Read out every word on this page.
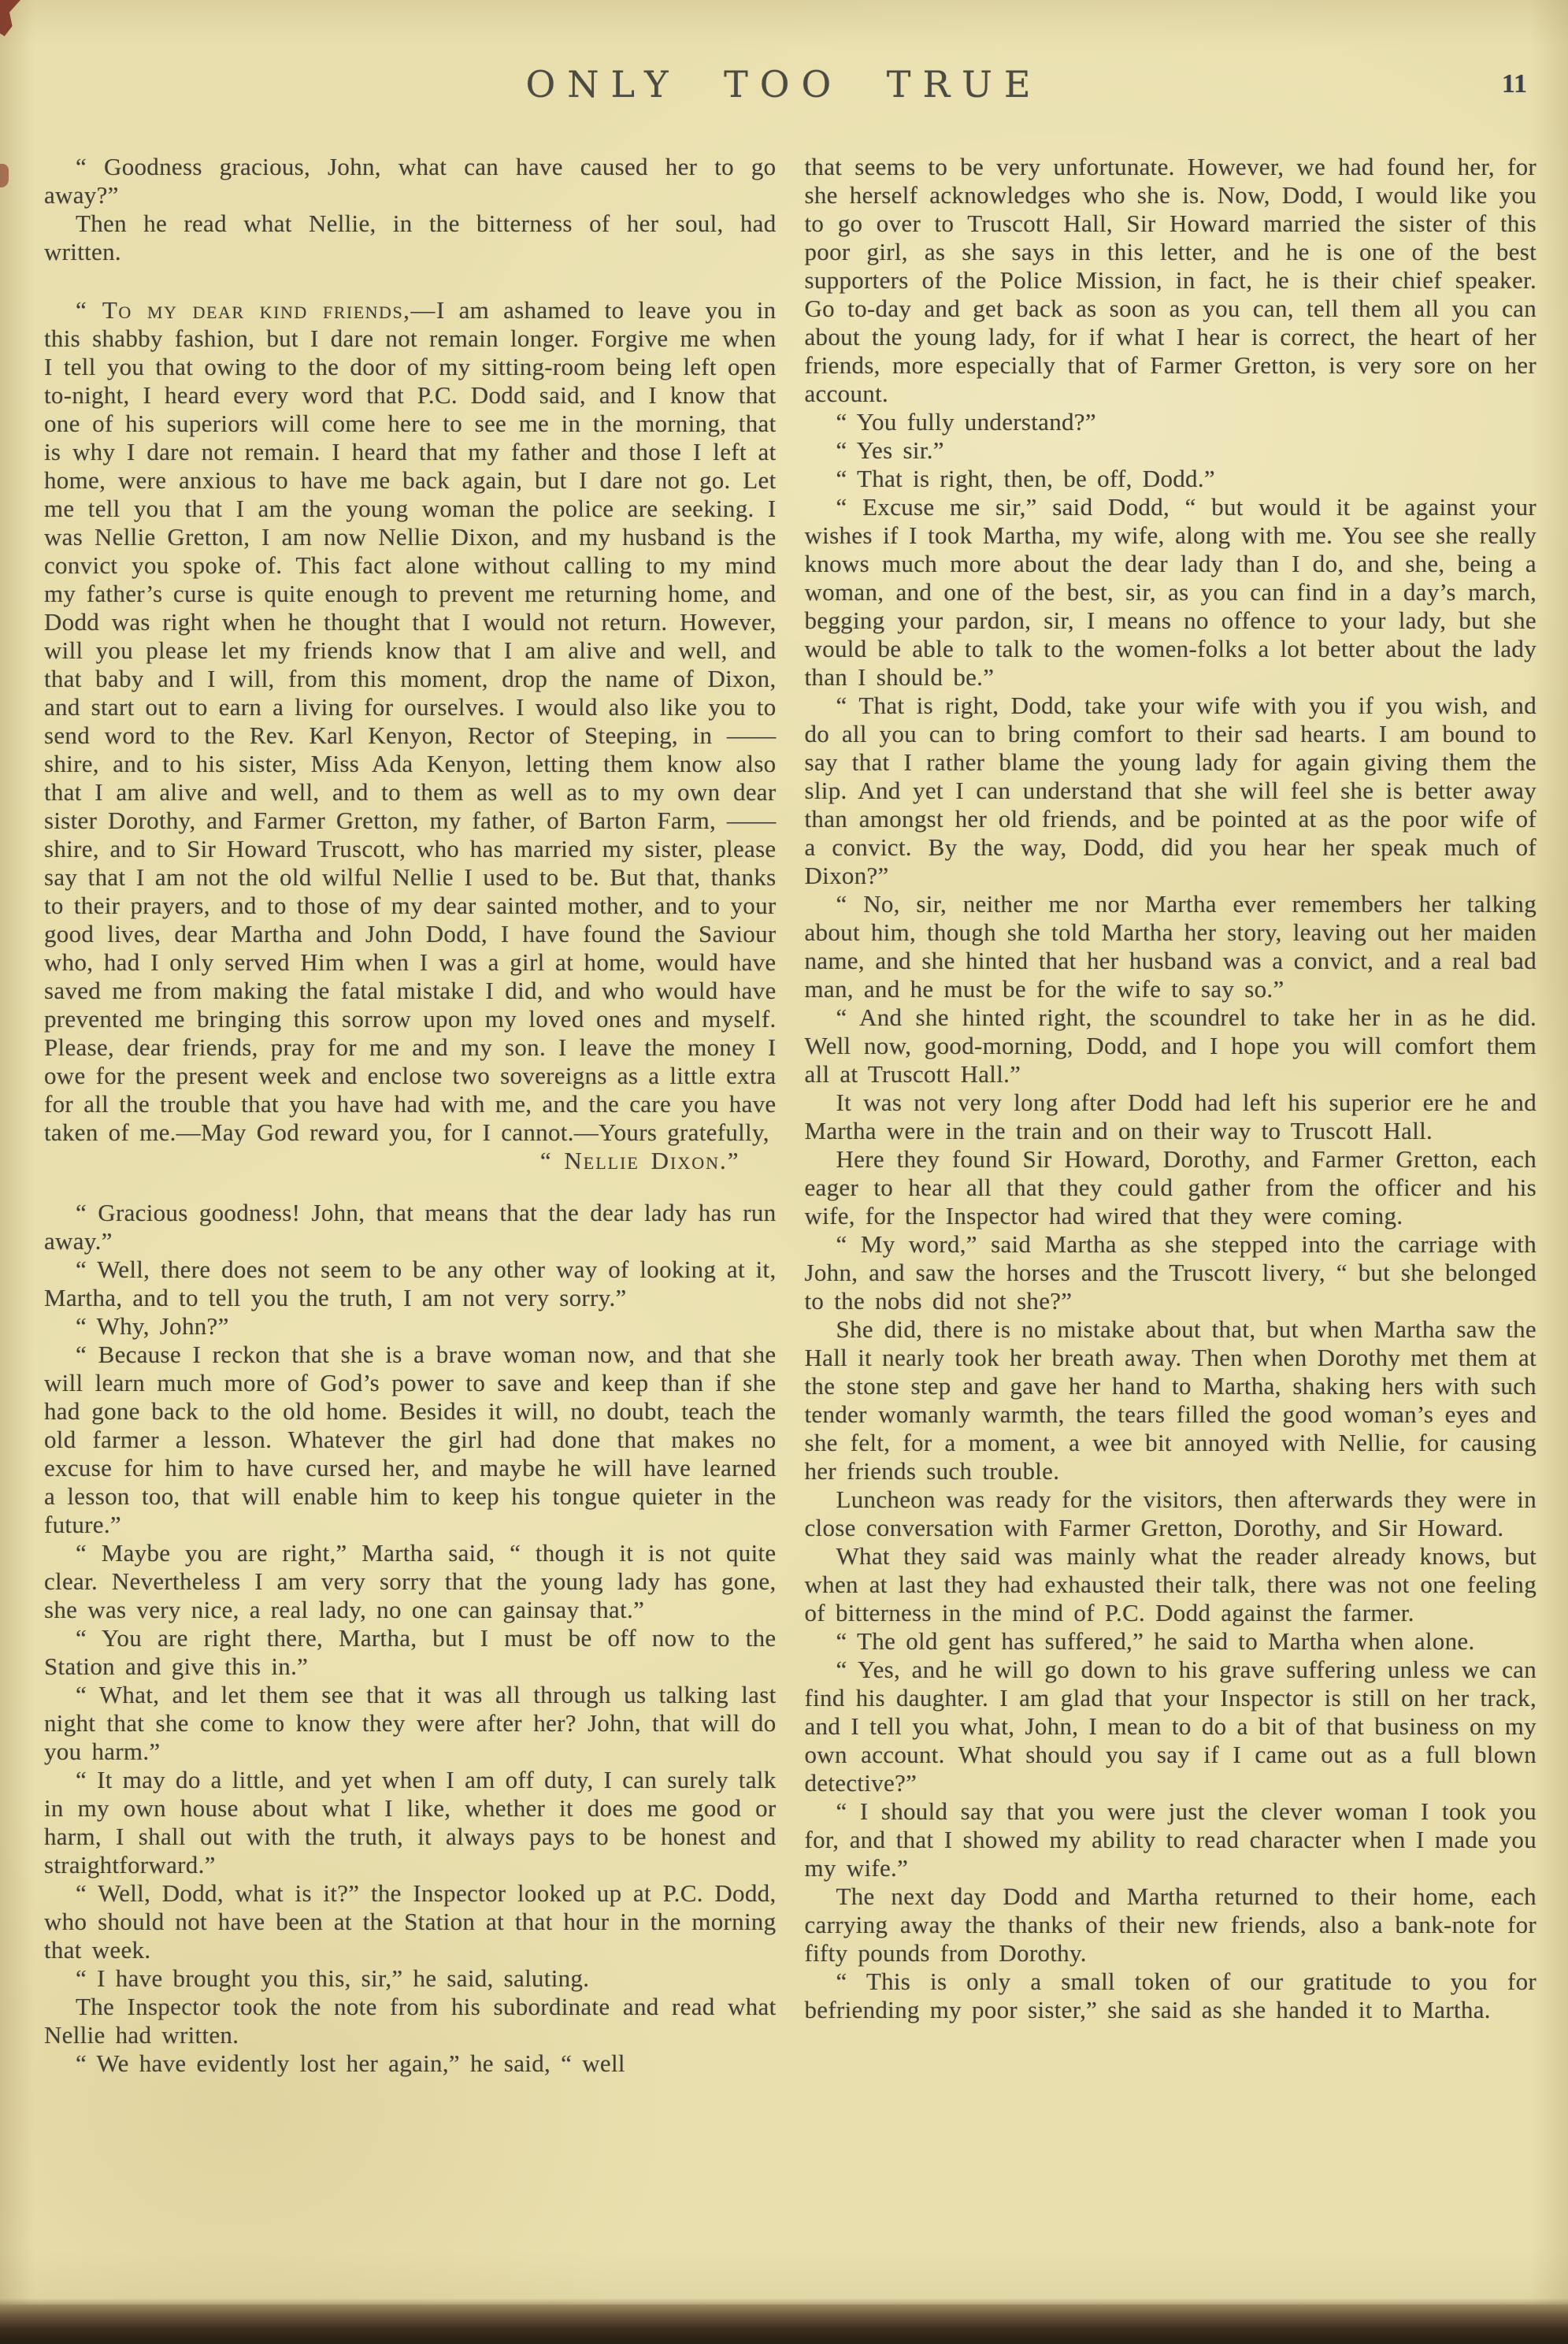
ONLY TOO TRUE	11

“ Goodness gracious, John, what can have caused her to go away?”

Then he read what Nellie, in the bitterness of her soul, had written.

“ To my dear kind friends,—I am ashamed to leave you in this shabby fashion, but I dare not remain longer. Forgive me when I tell you that owing to the door of my sitting-room being left open to-night, I heard every word that P.C. Dodd said, and I know that one of his superiors will come here to see me in the morning, that is why I dare not remain. I heard that my father and those I left at home, were anxious to have me back again, but I dare not go. Let me tell you that I am the young woman the police are seeking. I was Nellie Gretton, I am now Nellie Dixon, and my husband is the convict you spoke of. This fact alone without calling to my mind my father’s curse is quite enough to prevent me returning home, and Dodd was right when he thought that I would not return. However, will you please let my friends know that I am alive and well, and that baby and I will, from this moment, drop the name of Dixon, and start out to earn a living for ourselves. I would also like you to send word to the Rev. Karl Kenyon, Rector of Steeping, in ——shire, and to his sister, Miss Ada Kenyon, letting them know also that I am alive and well, and to them as well as to my own dear sister Dorothy, and Farmer Gretton, my father, of Barton Farm, ——shire, and to Sir Howard Truscott, who has married my sister, please say that I am not the old wilful Nellie I used to be. But that, thanks to their prayers, and to those of my dear sainted mother, and to your good lives, dear Martha and John Dodd, I have found the Saviour who, had I only served Him when I was a girl at home, would have saved me from making the fatal mistake I did, and who would have prevented me bringing this sorrow upon my loved ones and myself. Please, dear friends, pray for me and my son. I leave the money I owe for the present week and enclose two sovereigns as a little extra for all the trouble that you have had with me, and the care you have taken of me.—May God reward you, for I cannot.—Yours gratefully,

“ Nellie Dixon.”

“ Gracious goodness! John, that means that the dear lady has run away.”

“ Well, there does not seem to be any other way of looking at it, Martha, and to tell you the truth, I am not very sorry.”

“ Why, John?”

“ Because I reckon that she is a brave woman now, and that she will learn much more of God’s power to save and keep than if she had gone back to the old home. Besides it will, no doubt, teach the old farmer a lesson. Whatever the girl had done that makes no excuse for him to have cursed her, and maybe he will have learned a lesson too, that will enable him to keep his tongue quieter in the future.”

“ Maybe you are right,” Martha said, “ though it is not quite clear. Nevertheless I am very sorry that the young lady has gone, she was very nice, a real lady, no one can gainsay that.”

“ You are right there, Martha, but I must be off now to the Station and give this in.”

“ What, and let them see that it was all through us talking last night that she come to know they were after her? John, that will do you harm.”

“ It may do a little, and yet when I am off duty, I can surely talk in my own house about what I like, whether it does me good or harm, I shall out with the truth, it always pays to be honest and straightforward.”

“ Well, Dodd, what is it?” the Inspector looked up at P.C. Dodd, who should not have been at the Station at that hour in the morning that week.

“ I have brought you this, sir,” he said, saluting.

The Inspector took the note from his subordinate and read what Nellie had written.

“ We have evidently lost her again,” he said, “ well

that seems to be very unfortunate. However, we had found her, for she herself acknowledges who she is. Now, Dodd, I would like you to go over to Truscott Hall, Sir Howard married the sister of this poor girl, as she says in this letter, and he is one of the best supporters of the Police Mission, in fact, he is their chief speaker. Go to-day and get back as soon as you can, tell them all you can about the young lady, for if what I hear is correct, the heart of her friends, more especially that of Farmer Gretton, is very sore on her account.

“ You fully understand?”

“ Yes sir.”

“ That is right, then, be off, Dodd.”

“ Excuse me sir,” said Dodd, “ but would it be against your wishes if I took Martha, my wife, along with me. You see she really knows much more about the dear lady than I do, and she, being a woman, and one of the best, sir, as you can find in a day’s march, begging your pardon, sir, I means no offence to your lady, but she would be able to talk to the women-folks a lot better about the lady than I should be.”

“ That is right, Dodd, take your wife with you if you wish, and do all you can to bring comfort to their sad hearts. I am bound to say that I rather blame the young lady for again giving them the slip. And yet I can understand that she will feel she is better away than amongst her old friends, and be pointed at as the poor wife of a convict. By the way, Dodd, did you hear her speak much of Dixon?”

“ No, sir, neither me nor Martha ever remembers her talking about him, though she told Martha her story, leaving out her maiden name, and she hinted that her husband was a convict, and a real bad man, and he must be for the wife to say so.”

“ And she hinted right, the scoundrel to take her in as he did. Well now, good-morning, Dodd, and I hope you will comfort them all at Truscott Hall.”

It was not very long after Dodd had left his superior ere he and Martha were in the train and on their way to Truscott Hall.

Here they found Sir Howard, Dorothy, and Farmer Gretton, each eager to hear all that they could gather from the officer and his wife, for the Inspector had wired that they were coming.

“ My word,” said Martha as she stepped into the carriage with John, and saw the horses and the Truscott livery, “ but she belonged to the nobs did not she?”

She did, there is no mistake about that, but when Martha saw the Hall it nearly took her breath away. Then when Dorothy met them at the stone step and gave her hand to Martha, shaking hers with such tender womanly warmth, the tears filled the good woman’s eyes and she felt, for a moment, a wee bit annoyed with Nellie, for causing her friends such trouble.

Luncheon was ready for the visitors, then afterwards they were in close conversation with Farmer Gretton, Dorothy, and Sir Howard.

What they said was mainly what the reader already knows, but when at last they had exhausted their talk, there was not one feeling of bitterness in the mind of P.C. Dodd against the farmer.

“ The old gent has suffered,” he said to Martha when alone.

“ Yes, and he will go down to his grave suffering unless we can find his daughter. I am glad that your Inspector is still on her track, and I tell you what, John, I mean to do a bit of that business on my own account. What should you say if I came out as a full blown detective?”

“ I should say that you were just the clever woman I took you for, and that I showed my ability to read character when I made you my wife.”

The next day Dodd and Martha returned to their home, each carrying away the thanks of their new friends, also a bank-note for fifty pounds from Dorothy.

“ This is only a small token of our gratitude to you for befriending my poor sister,” she said as she handed it to Martha.
